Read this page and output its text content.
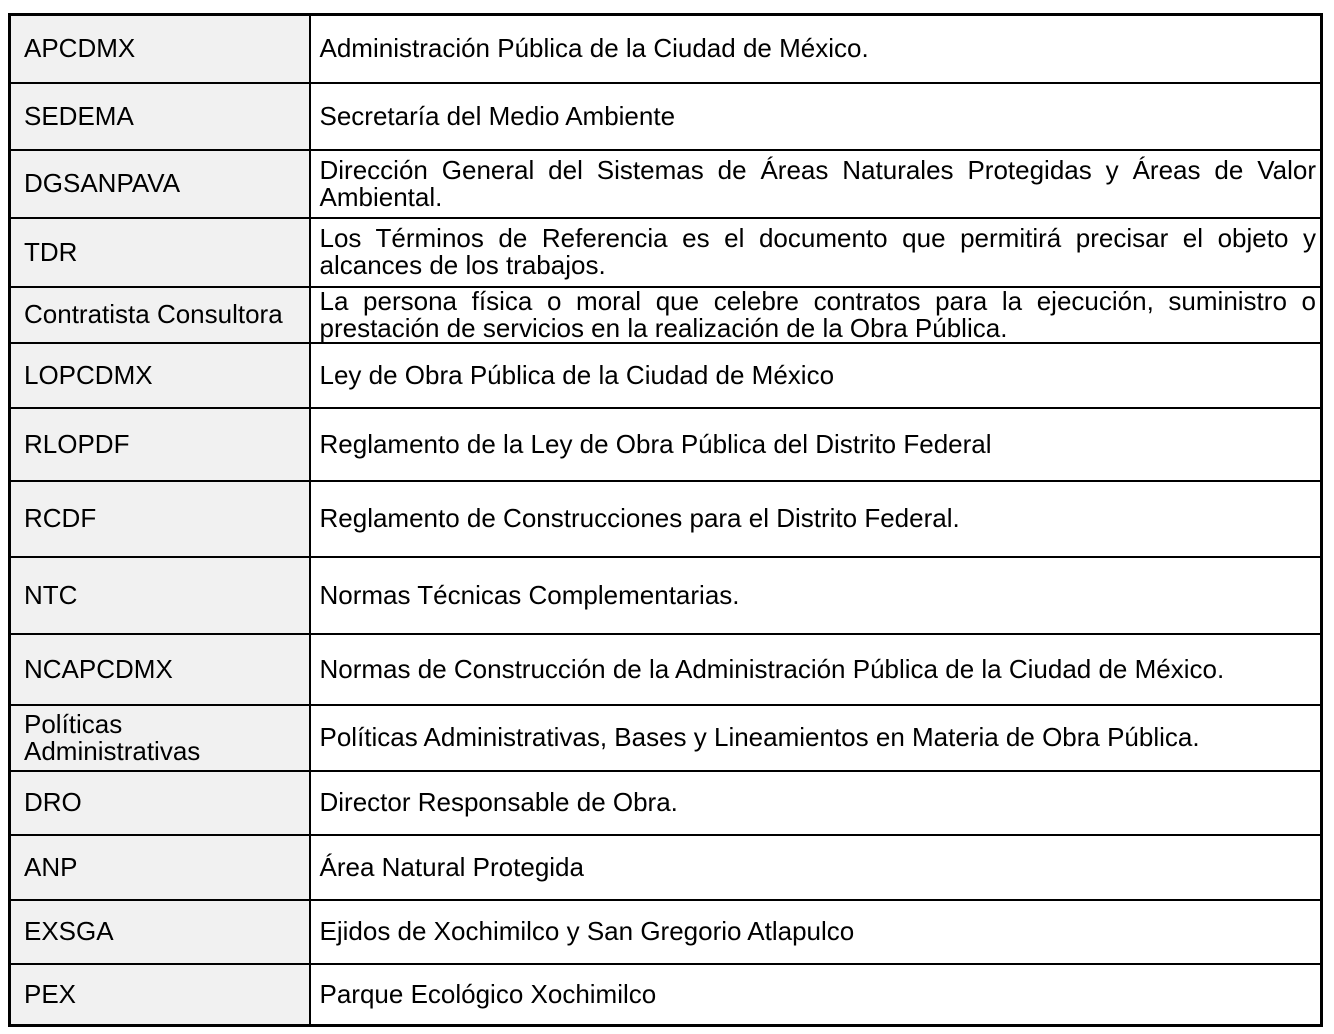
APCDMX	Administración Pública de la Ciudad de México.

SEDEMA	Secretaría del Medio Ambiente

DGSANPAVA	Dirección General del Sistemas de Áreas Naturales Protegidas y Áreas de Valor
Ambiental.

TDR	Los Términos de Referencia es el documento que permitirá precisar el objeto y
alcances de los trabajos.

Contratista Consultora	La persona física o moral que celebre contratos para la ejecución, suministro o
prestación de servicios en la realización de la Obra Pública.

LOPCDMX	Ley de Obra Pública de la Ciudad de México

RLOPDF	Reglamento de la Ley de Obra Pública del Distrito Federal

RCDF	Reglamento de Construcciones para el Distrito Federal.

NTC	Normas Técnicas Complementarias.

NCAPCDMX	Normas de Construcción de la Administración Pública de la Ciudad de México.

Políticas
Administrativas	Políticas Administrativas, Bases y Lineamientos en Materia de Obra Pública.

DRO	Director Responsable de Obra.

ANP	Área Natural Protegida

EXSGA	Ejidos de Xochimilco y San Gregorio Atlapulco

PEX	Parque Ecológico Xochimilco
